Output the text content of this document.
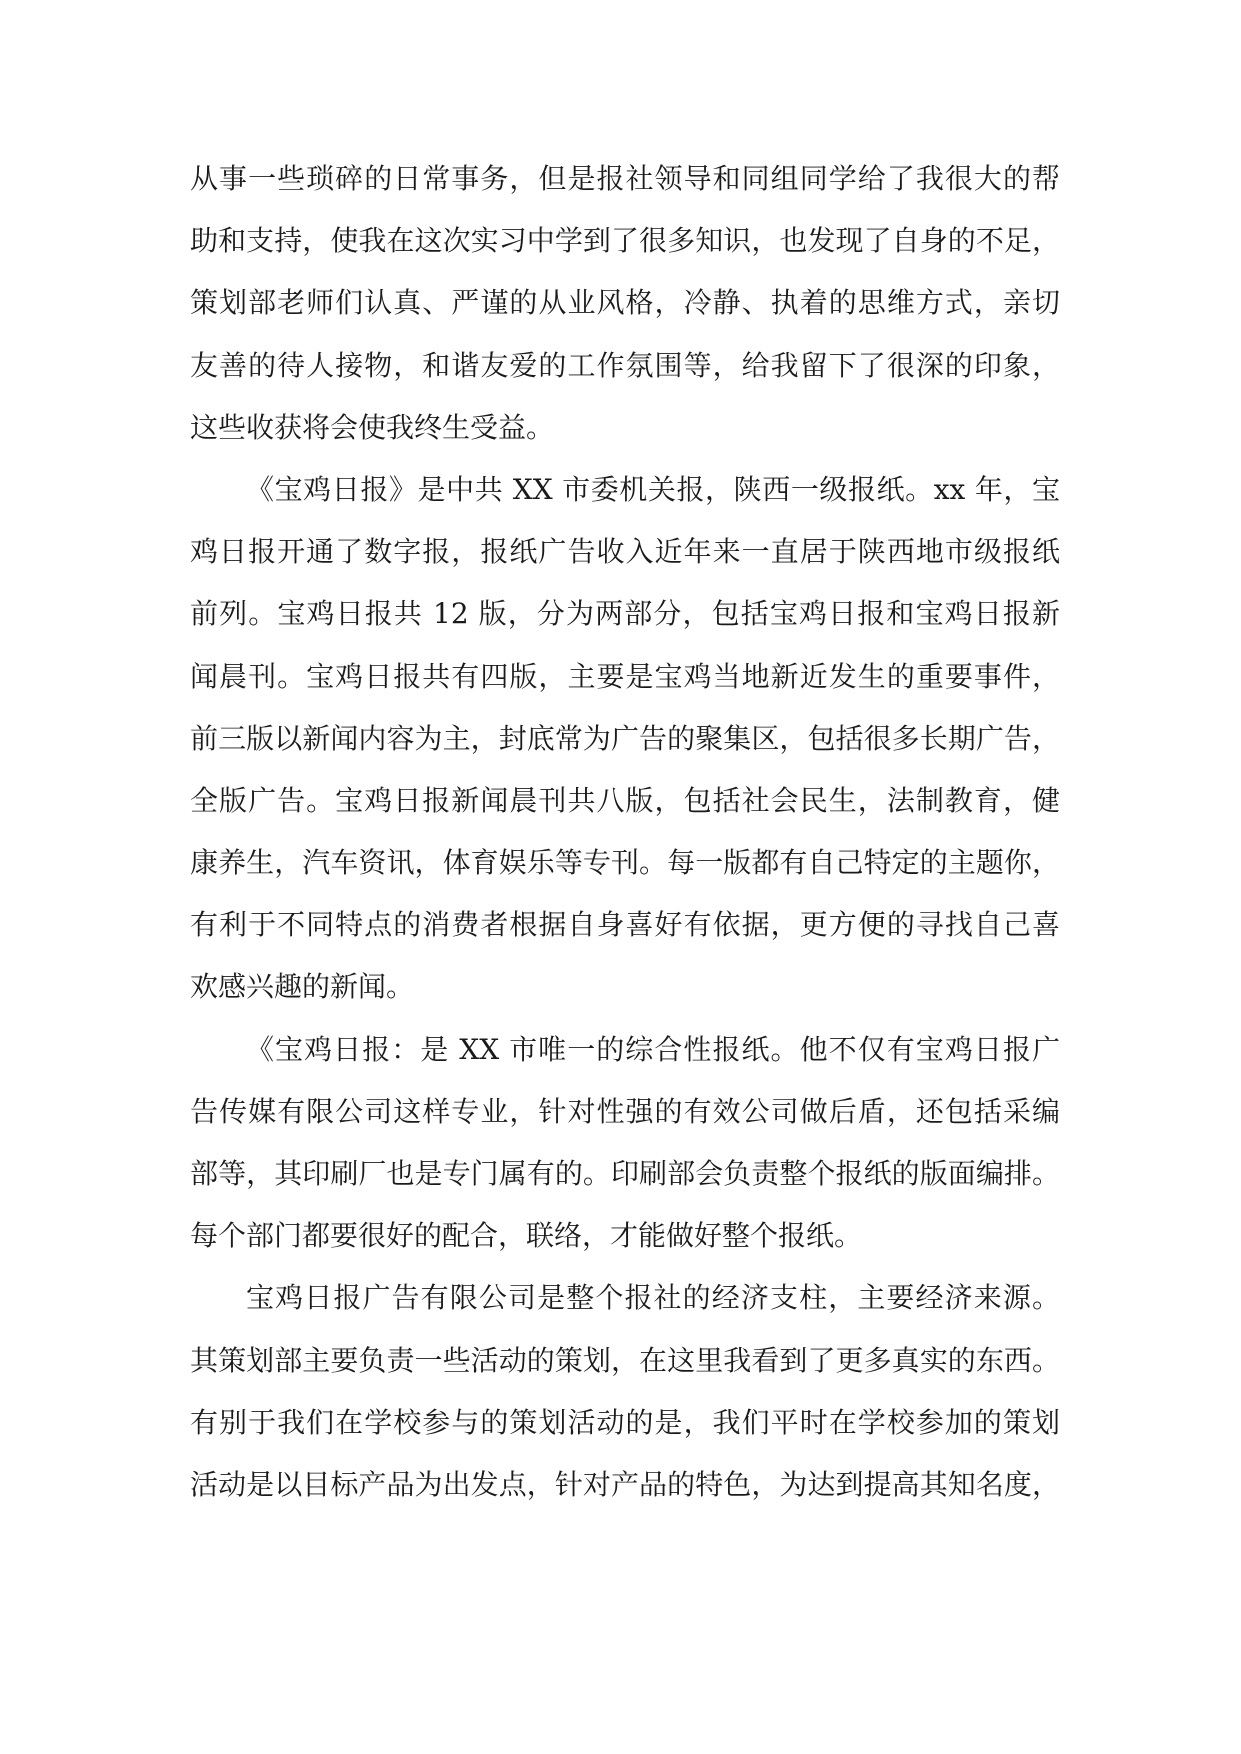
从事一些琐碎的日常事务，但是报社领导和同组同学给了我很大的帮
助和支持，使我在这次实习中学到了很多知识，也发现了自身的不足，
策划部老师们认真、严谨的从业风格，冷静、执着的思维方式，亲切
友善的待人接物，和谐友爱的工作氛围等，给我留下了很深的印象，
这些收获将会使我终生受益。

《宝鸡日报》是中共 XX 市委机关报，陕西一级报纸。xx 年，宝
鸡日报开通了数字报，报纸广告收入近年来一直居于陕西地市级报纸
前列。宝鸡日报共 12 版，分为两部分，包括宝鸡日报和宝鸡日报新
闻晨刊。宝鸡日报共有四版，主要是宝鸡当地新近发生的重要事件，
前三版以新闻内容为主，封底常为广告的聚集区，包括很多长期广告，
全版广告。宝鸡日报新闻晨刊共八版，包括社会民生，法制教育，健
康养生，汽车资讯，体育娱乐等专刊。每一版都有自己特定的主题你，
有利于不同特点的消费者根据自身喜好有依据，更方便的寻找自己喜
欢感兴趣的新闻。

《宝鸡日报：是 XX 市唯一的综合性报纸。他不仅有宝鸡日报广
告传媒有限公司这样专业，针对性强的有效公司做后盾，还包括采编
部等，其印刷厂也是专门属有的。印刷部会负责整个报纸的版面编排。
每个部门都要很好的配合，联络，才能做好整个报纸。

宝鸡日报广告有限公司是整个报社的经济支柱，主要经济来源。
其策划部主要负责一些活动的策划，在这里我看到了更多真实的东西。
有别于我们在学校参与的策划活动的是，我们平时在学校参加的策划
活动是以目标产品为出发点，针对产品的特色，为达到提高其知名度，
